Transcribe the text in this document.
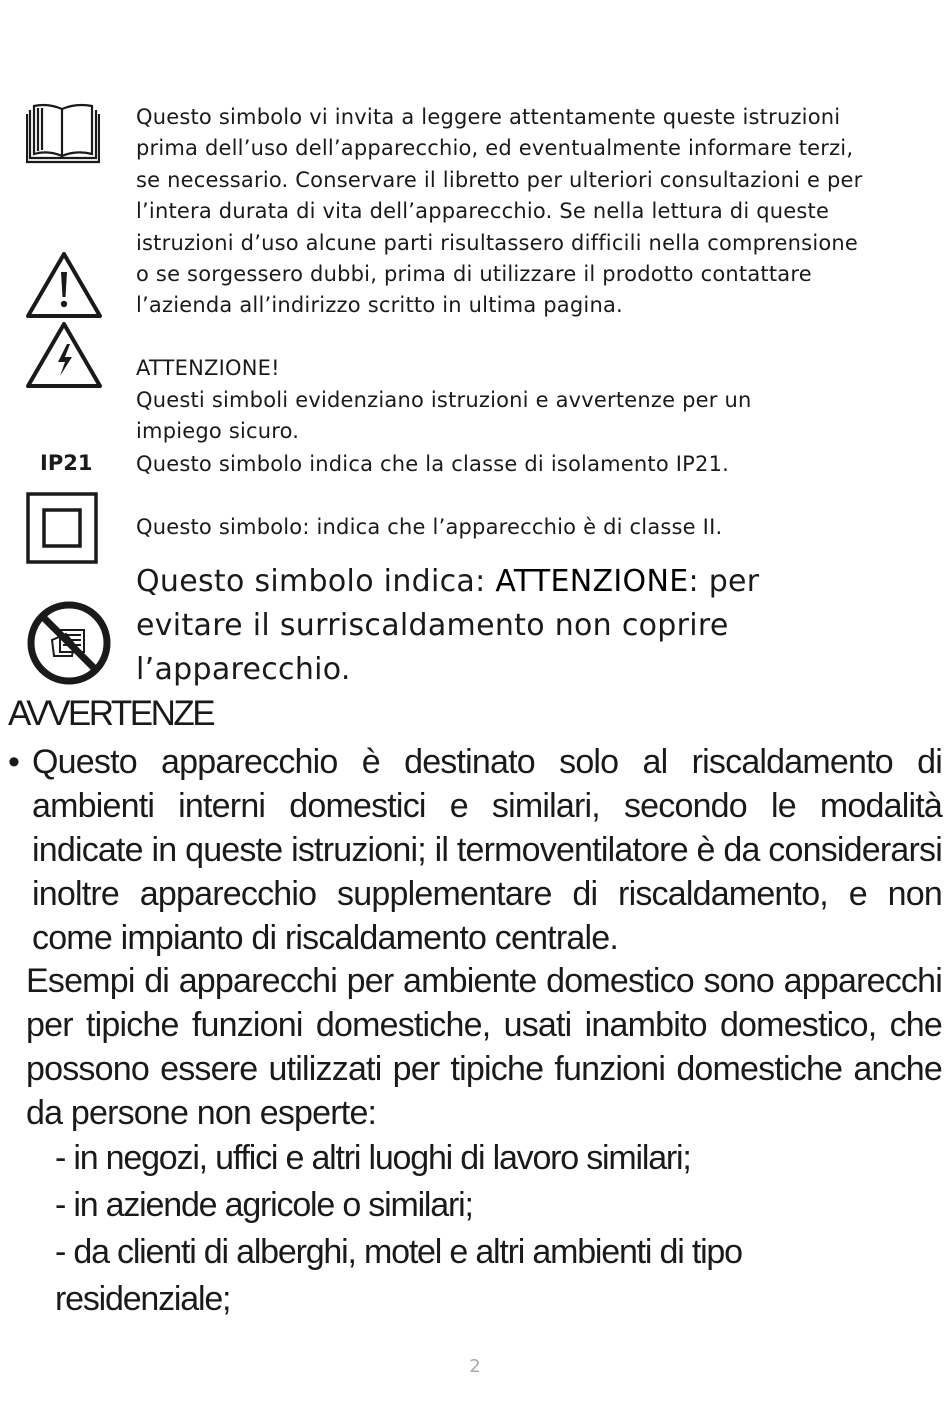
Questo simbolo vi invita a leggere attentamente queste istruzioni prima dell’uso dell’apparecchio, ed eventualmente informare terzi, se necessario. Conservare il libretto per ulteriori consultazioni e per l’intera durata di vita dell’apparecchio. Se nella lettura di queste istruzioni d’uso alcune parti risultassero difficili nella comprensione o se sorgessero dubbi, prima di utilizzare il prodotto contattare l’azienda all’indirizzo scritto in ultima pagina.
ATTENZIONE!
Questi simboli evidenziano istruzioni e avvertenze per un impiego sicuro.
IP21 Questo simbolo indica che la classe di isolamento IP21.
Questo simbolo: indica che l’apparecchio è di classe II.
Questo simbolo indica: ATTENZIONE: per evitare il surriscaldamento non coprire l’apparecchio.
AVVERTENZE
• Questo apparecchio è destinato solo al riscaldamento di ambienti interni domestici e similari, secondo le modalità indicate in queste istruzioni; il termoventilatore è da considerarsi inoltre apparecchio supplementare di riscaldamento, e non come impianto di riscaldamento centrale.
Esempi di apparecchi per ambiente domestico sono apparecchi per tipiche funzioni domestiche, usati inambito domestico, che possono essere utilizzati per tipiche funzioni domestiche anche da persone non esperte:
- in negozi, uffici e altri luoghi di lavoro similari;
- in aziende agricole o similari;
- da clienti di alberghi, motel e altri ambienti di tipo
residenziale;
2
